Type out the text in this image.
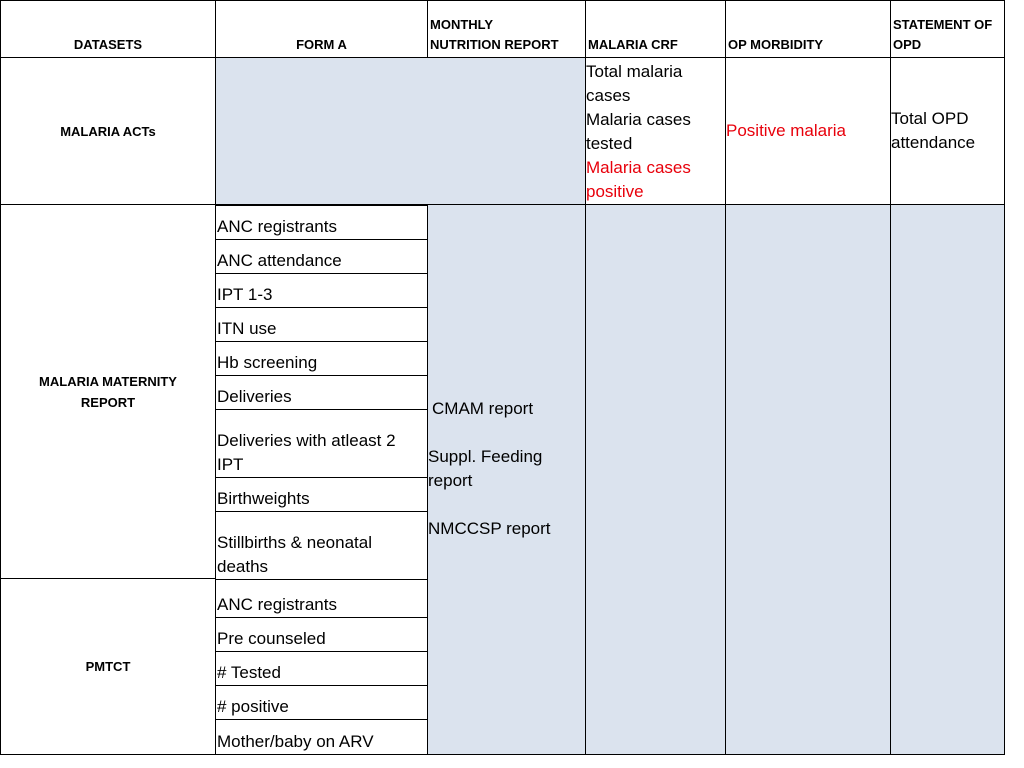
DATASETS	FORM A
MONTHLY
NUTRITION REPORT MALARIA CRF	OP MORBIDITY
STATEMENT OF
OPD
MALARIA ACTs
Total malaria
cases
Malaria cases
tested
Malaria cases
positive
Positive malaria
Total OPD
attendance
MALARIA MATERNITY
REPORT
PMTCT
ANC registrants
ANC attendance
IPT 1-3
ITN use
Hb screening
Deliveries
Deliveries with atleast 2
IPT
Birthweights
Stillbirths & neonatal
deaths
ANC registrants
Pre counseled
# Tested
# positive
Mother/baby on ARV
CMAM report
Suppl. Feeding
report
NMCCSP report
